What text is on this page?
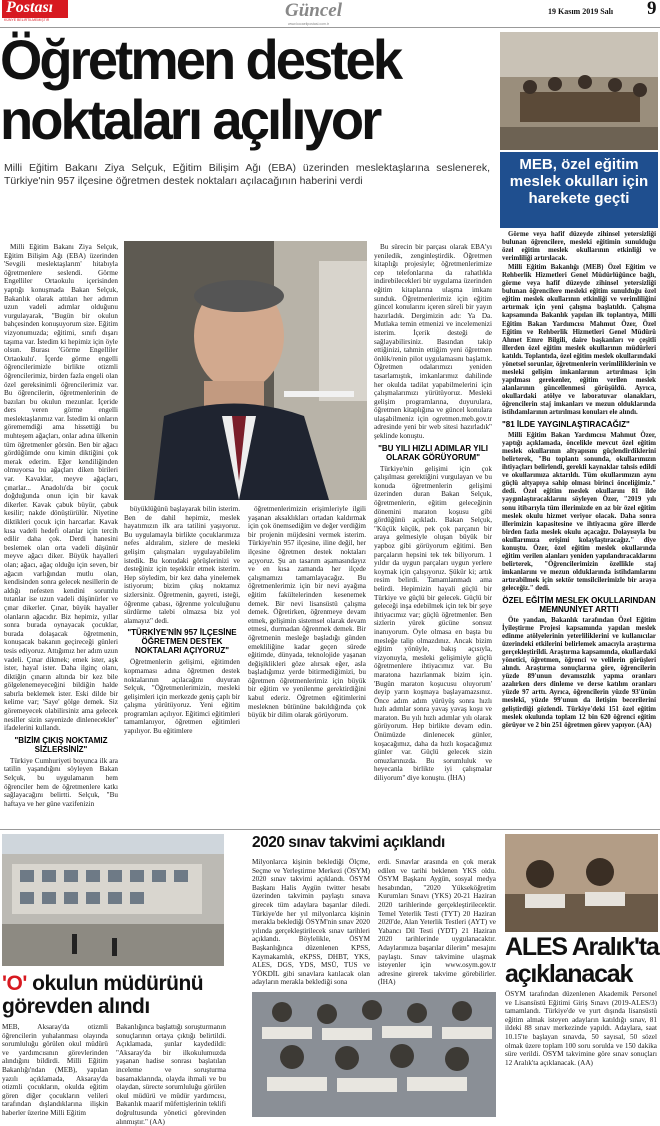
Postası
KÜNYE BELİRTİLMEMİŞTİR	Güncel
www.kocaelipostasi.com.tr
19 Kasım 2019 Salı 9
Öğretmen destek
noktaları açılıyor
Milli Eğitim Bakanı Ziya Selçuk, Eğitim Bilişim Ağı (EBA) üzerinden meslektaşlarına seslenerek, Türkiye'nin 957 ilçesine öğretmen destek noktaları açılacağının haberini verdi

Milli Eğitim Bakanı Ziya Selçuk, Eğitim Bilişim Ağı (EBA) üzerinden 'Sevgili meslektaşlarım' hitabıyla öğretmenlere seslendi. Görme Engelliler Ortaokulu içerisinden yaptığı konuşmada Bakan Selçuk, Bakanlık olarak attıları her adımın uzun vadeli adımlar olduğunu vurgulayarak, "Bugün bir okulun bahçesinden konuşuyorum size. Eğitim vizyonumuzda; eğitimi, sınıfı dışarı taşıma var. İstedim ki hepimiz için öyle olsun. Burası 'Görme Engelliler Ortaokulu'. İçerde görme engelli öğrencilerimizle birlikte otizmli öğrencilerimiz, birden fazla engeli olan özel gereksinimli öğrencilerimiz var. Bu öğrencilerin, öğretmenlerinin de bazıları bu okulun mezunlar. İçeride ders veren görme engelli meslektaşlarımız var. İstedim ki onların görememdiği ama hissettiği bu muhteşem ağaçları, onlar adına ülkenin tüm öğretmenler görsün. Ben bir ağacı gördüğümde onu kimin diktiğini çok merak ederim. Eğer kendiliğinden olmuyorsa bu ağaçları diken birileri var. Kavaklar, meyve ağaçları, çınarlar... Anadolu'da bir çocuk doğduğunda onun için bir kavak dikerler. Kavak çabuk büyür, çabuk kesilir; nakde dönüştürülür. Niyetine diktikleri çocuk için harcarlar. Kavak kısa vadeli hedefi olanlar için tercih edilir daha çok. Derdi hanesini beslemek olan orta vadeli düşünür meyve ağacı diker. Büyük hayalleri olan; ağacı, ağaç olduğu için seven, bir ağacın varlığından mutlu olan, kendisinden sonra gelecek nesillerin de aldığı nefesten kendini sorumlu tutanlar ise uzun vadeli düşünürler ve çınar dikerler. Çınar, büyük hayaller olanların ağacıdır. Biz hepimiz, yıllar sonra burada oynayacak çocuklar, burada dolaşacak öğretmenin, konuşacak bakanın geçireceği günleri tesis ediyoruz. Attığımız her adım uzun vadeli. Çınar dikmek; emek ister, aşk ister, hayal ister. Daha ilginç olanı, diktiğin çınarın altında bir kez bile gölgelenemeyeceğini bildiğin halde sabırla beklemek ister. Eski dilde bir kelime var; 'Saye' gölge demek. Siz göremeyecek olabilirsiniz ama gelecek nesiller sizin sayenizde dinlenecekler" ifadelerini kullandı.

"BİZİM ÇIKIŞ NOKTAMIZ SİZLERSİNİZ"

Türkiye Cumhuriyeti boyunca ilk ara tatilin yaşandığını söyleyen Bakan Selçuk, bu uygulamanın hem öğrenciler hem de öğretmenlere katkı sağlayacağını belirtti. Selçuk, "Bu haftaya ve her güne vazifenizin

büyüklüğünü başlayarak bilin isterim. Ben de dahil hepimiz, meslek hayatımızın ilk ara tatilini yaşıyoruz. Bu uygulamayla birlikte çocuklarımıza nefes aldıralım, sizlere de mesleki gelişim çalışmaları uygulayabilelim istedik. Bu konudaki görüşlerinizi ve desteğiniz için teşekkür etmek isterim. Hep söyledim, bir kez daha yinelemek istiyorum; bizim çıkış noktamız sizlersiniz. Öğretmenin, gayreti, isteği, öğrenme çabası, öğrenme yolculuğunu sürdürme talebi olmazsa biz yol alamayız" dedi.

"TÜRKİYE'NİN 957 İLÇESİNE ÖĞRETMEN DESTEK NOKTALARI AÇIYORUZ"

Öğretmenlerin gelişimi, eğitimden kopmaması adına öğretmen destek noktalarının açılacağını duyuran Selçuk, "Öğretmenlerimizin, mesleki gelişimleri için merkezde geniş çaplı bir çalışma yürütüyoruz. Yeni eğitim programları açılıyor. Eğitimci eğitimleri tamamlanıyor, öğretmen eğitimleri yapılıyor. Bu eğitimlere

öğretmenlerimizin erişimleriyle ilgili yaşanan aksaklıkları ortadan kaldırmak için çok önemsediğim ve değer verdiğim bir projenin müjdesini vermek isterim. Türkiye'nin 957 ilçesine, iline değil, her ilçesine öğretmen destek noktaları açıyoruz. Şu an tasarım aşamasındayız ve en kısa zamanda her ilçede çalışmamızı tamamlayacağız. Bu öğretmenlerimiz için bir nevi ayağına eğitim fakültelerinden kesenemek demek. Bir nevi lisansüstü çalışma demek. Öğretirken, öğrenmeye devam etmek, gelişimin sistemsel olarak devam etmesi, durmadan öğrenmek demek. Bir öğretmenin mesleğe başladığı günden emekliliğine kadar geçen sürede eğitimde, dünyada, teknolojide yaşanan değişiklikleri göze alırsak eğer, asla başladığımız yerde bitirmediğimizi, bu öğretmen öğretmenlerimiz için büyük bir eğitim ve yenilenme gerektirdiğini kabul ederiz. Öğretmen eğitimlerini mesleknen bütününe bakıldığında çok büyük bir dilim olarak görüyorum.

Bu sürecin bir parçası olarak EBA'yı yeniledik, zenginleştirdik. Öğretmen kitaplığı projesiyle; öğretmenlerimize cep telefonlarına da rahatlıkla indirebilecekleri bir uygulama üzerinden eğitim kitaplarına ulaşma imkanı sunduk. Öğretmenlerimiz için eğitim güncel konularını içeren süreli bir yayın hazırladık. Dergimizin adı: Ya Da. Mutlaka temin etmenizi ve incelemenizi isterim. İçerik desteği de sağlayabilirsiniz. Basından takip ettiğinizi, tahmin ettiğim yeni öğretmen önlük/renin pilot uygulamasını başlattık. Öğretmen odalarımızı yeniden tasarlamıştık, imkanlarımız dahilinde her okulda tadilat yapabilmelerini için çalışmalarımızı yürütüyoruz. Mesleki gelişim programlarına, duyurulara, öğretmen kitaplığına ve güncel konulara ulaşabilmeniz için ogretmen.meb.gov.tr adresinde yeni bir web sitesi hazırladık" şeklinde konuştu.

"BU YILI HIZLI ADIMLAR YILI OLARAK GÖRÜYORUM"

Türkiye'nin gelişimi için çok çalışılması gerektiğini vurgulayan ve bu konuda öğretmenlerin gelişimi üzerinden duran Bakan Selçuk, öğretmenlerin, eğitim geleceğinin dönemini maraton koşusu gibi gördüğünü açıkladı. Bakan Selçuk, "Küçük küçük, pek çok parçanın bir araya gelmesiyle oluşan büyük bir yapboz gibi görüyorum eğitimi. Ben parçaların hepsini tek tek biliyorum. 1 yıldır da uygun parçaları uygun yerlere koymak için çalışıyoruz. Şükür ki; artık resim belirdi. Tamamlanmadı ama belirdi. Hepimizin hayali güçlü bir Türkiye ve güçlü bir gelecek. Güçlü bir geleceği inşa edebilmek için tek bir şeye ihtiyacımız var; güçlü öğretmenler. Ben sizlerin yürek gücüne sonsuz inanıyorum. Öyle olmasa en başta bu mesleğe talip olmazdınız. Ancak bizim eğitim yönüyle, bakış açısıyla, vizyonuyla, mesleki gelişimiyle güçlü öğretmenlere ihtiyacımız var. Bu maratona hazırlanmak bizim için. 'Bugün maraton koşucusu oluyorum' deyip yarın koşmaya başlayamazsınız. Önce adım adım yürüyüş sonra hızlı hızlı adımlar sonra yavaş yavaş koşu ve maraton. Bu yılı hızlı adımlar yılı olarak görüyorum. Hep birlikte devam edin. Önümüzde dinlenecek günler, koşacağımız, daha da hızlı koşacağımız günler var. Güçlü gelecek sizin omuzlarınızda. Bu sorumluluk ve heyecanla birlikte iyi çalışmalar diliyorum" diye konuştu. (İHA)

MEB, özel eğitim meslek okulları için harekete geçti

Görme veya hafif düzeyde zihinsel yetersizliği bulunan öğrencilere, mesleki eğitimin sunulduğu özel eğitim meslek okullarının etkinliği ve verimliliği artırılacak.

Milli Eğitim Bakanlığı (MEB) Özel Eğitim ve Rehberlik Hizmetleri Genel Müdürlüğünce bağlı, görme veya hafif düzeyde zihinsel yetersizliği bulunan öğrencilere mesleki eğitim sunulduğu özel eğitim meslek okullarının etkinliği ve verimliliğini artırmak için yeni çalışma başlatıldı. Çalışma kapsamında Bakanlık yapılan ilk toplantıya, Milli Eğitim Bakan Yardımcısı Mahmut Özer, Özel Eğitim ve Rehberlik Hizmetleri Genel Müdürü Ahmet Emre Bilgili, daire başkanları ve çeşitli illerden özel eğitim meslek okullarının müdürleri katıldı. Toplantıda, özel eğitim meslek okullarındaki yönetsel sorunlar, öğretmenlerin verimliliklerinin ve mesleki gelişim imkanlarının artırılması için yapılması gerekenler, eğitim verilen meslek alanlarının güncellenmesi görüşüldü. Ayrıca, okullardaki atölye ve laboratuvar olanakları, öğrencilerin staj imkanları ve mezun olduklarında istihdamlarının artırılması konuları ele alındı.

"81 İLDE YAYGINLAŞTIRACAĞIZ"

Milli Eğitim Bakan Yardımcısı Mahmut Özer, yaptığı açıklamada, öncelikle mevcut özel eğitim meslek okullarının altyapısını güçlendirdiklerini belirterek, "Bu toplantı sonunda, okullarımızın ihtiyaçları belirlendi, gerekli kaynaklar tahsis edildi ve okullarımıza aktarıldı. Tüm okullarımızın aynı güçlü altyapıya sahip olması birinci önceliğimiz." dedi. Özel eğitim meslek okullarını 81 ilde yaygınlaştıracaklarını söyleyen Özer, "2019 yılı sonu itibarıyla tüm illerimizde en az bir özel eğitim meslek okulu hizmet veriyor olacak. Daha sonra illerimizin kapasitesine ve ihtiyacına göre illerde birden fazla meslek okulu açacağız. Dolayısıyla bu okullarımıza erişimi kolaylaştıracağız." diye konuştu. Özer, özel eğitim meslek okullarında eğitim verilen alanları yeniden yapılandıracaklarını belirterek, "Öğrencilerimizin özellikle staj imkanlarını ve mezun olduklarında istihdamlarını artırabilmek için sektör temsilcilerimizle bir araya geleceğiz." dedi.

ÖZEL EĞİTİM MESLEK OKULLARINDAN MEMNUNİYET ARTTI

Öte yandan, Bakanlık tarafından Özel Eğitim İyileştirme Projesi kapsamında yapılan meslek edinme atölyelerinin yeterliliklerini ve kullanıcılar üzerindeki etkilerini belirlemek amacıyla araştırma gerçekleştirildi. Araştırma kapsamında, okullardaki yönetici, öğretmen, öğrenci ve velilerin görüşleri alındı. Araştırma sonuçlarına göre, öğrencilerin yüzde 89'unun devamsızlık yapma oranları azalırken ders dinleme ve derse katılım oranları yüzde 97 arttı. Ayrıca, öğrencilerin yüzde 93'ünün meslekî, yüzde 99'unun da iletişim becerilerini geliştirdiği gözlendi. Türkiye'deki 151 özel eğitim meslek okulunda toplam 12 bin 620 öğrenci eğitim görüyor ve 2 bin 251 öğretmen görev yapıyor. (AA)

'O' okulun müdürünü görevden alındı
MEB, Aksaray'da otizmli öğrencilerin yuhalanması olayında sorumluluğu görülen okul müdürü ve yardımcısının görevlerinden alındığını bildirdi. Milli Eğitim Bakanlığı'ndan (MEB), yapılan yazılı açıklamada, Aksaray'da otizmli çocukların, okulda eğitim gören diğer çocukların velileri tarafından dışlandıklarına ilişkin haberler üzerine Milli Eğitim
Bakanlığınca başlattığı soruşturmanın sonuçlarının ortaya çıktığı belirtildi. Açıklamada, şunlar kaydedildi: "Aksaray'da bir ilkokulumuzda yaşanan hadise sonrası başlatılan inceleme ve soruşturma basamaklarında, olayda ihmali ve bu olaydan, sürecte sorumluluğu görülen okul müdürü ve müdür yardımcısı, Bakanlık maarif müfettişlerinin teklifi doğrultusunda yönetici görevinden alınmıştır." (AA)
2020 sınav takvimi açıklandı
Milyonlarca kişinin beklediği Ölçme, Seçme ve Yerleştirme Merkezi (ÖSYM) 2020 sınav takvimi açıklandı. ÖSYM Başkanı Halis Aygün twitter hesabı üzerinden takvimin paylaştı sınava girecek tüm adaylara başarılar diledi. Türkiye'de her yıl milyonlarca kişinin merakla beklediği ÖSYM'nin sınav 2020 yılında gerçekleştirilecek sınav tarihleri açıklandı. Böylelikle, ÖSYM Başkanlığınca düzenlenen KPSS, Kaymakamlık, eKPSS, DHBT, YKS, ALES, DGS, YDS, MSÜ, TUS ve YÖKDİL gibi sınavlara katılacak olan adayların merakla beklediği sona
erdi. Sınavlar arasında en çok merak edilen ve tarihi beklenen YKS oldu. ÖSYM Başkanı Aygün, sosyal medya hesabından, "2020 Yükseköğretim Kurumları Sınavı (YKS) 20-21 Haziran 2020 tarihlerinde gerçekleştirilecektir. Temel Yeterlik Testi (TYT) 20 Haziran 2020'de, Alan Yeterlik Testleri (AYT) ve Yabancı Dil Testi (YDT) 21 Haziran 2020 tarihlerinde uygulanacaktır. Adaylarımıza başarılar dilerim" mesajını paylaştı. Sınav takvimine ulaşmak isteyenler için www.osym.gov.tr adresine girerek takvime görebilirler. (İHA)
ALES Aralık'ta açıklanacak
ÖSYM tarafından düzenlenen Akademik Personel ve Lisansüstü Eğitimi Giriş Sınavı (2019-ALES/3) tamamlandı. Türkiye'de ve yurt dışında lisansüstü eğitim almak isteyen adayların katıldığı sınav, 81 ildeki 88 sınav merkezinde yapıldı. Adaylara, saat 10.15'te başlayan sınavda, 50 sayısal, 50 sözel olmak üzere toplam 100 soru sorulda ve 150 dakika süre verildi. ÖSYM takvimine göre sınav sonuçları 12 Aralık'ta açıklanacak. (AA)
